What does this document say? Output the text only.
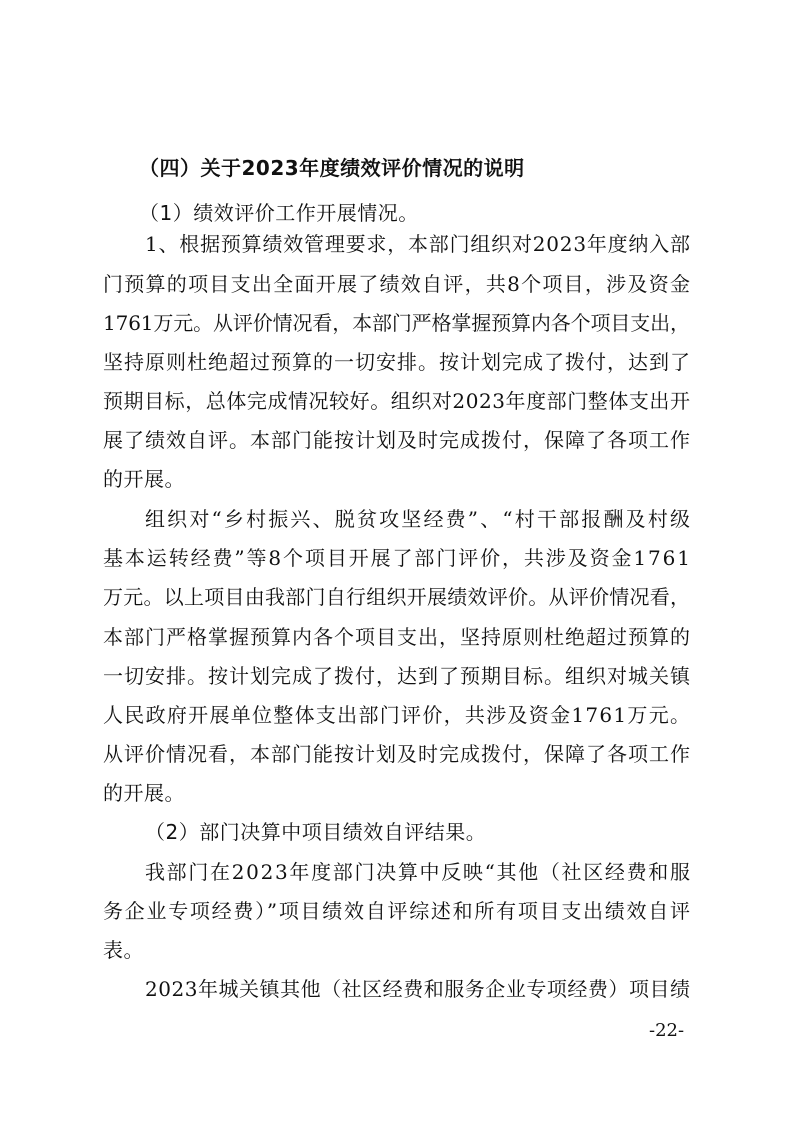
（四）关于2023年度绩效评价情况的说明
（1）绩效评价工作开展情况。
1、根据预算绩效管理要求，本部门组织对2023年度纳入部
门预算的项目支出全面开展了绩效自评，共8个项目，涉及资金
1761万元。从评价情况看，本部门严格掌握预算内各个项目支出，
坚持原则杜绝超过预算的一切安排。按计划完成了拨付，达到了
预期目标，总体完成情况较好。组织对2023年度部门整体支出开
展了绩效自评。本部门能按计划及时完成拨付，保障了各项工作
的开展。
组织对“乡村振兴、脱贫攻坚经费”、“村干部报酬及村级
基本运转经费”等8个项目开展了部门评价，共涉及资金1761
万元。以上项目由我部门自行组织开展绩效评价。从评价情况看，
本部门严格掌握预算内各个项目支出，坚持原则杜绝超过预算的
一切安排。按计划完成了拨付，达到了预期目标。组织对城关镇
人民政府开展单位整体支出部门评价，共涉及资金1761万元。
从评价情况看，本部门能按计划及时完成拨付，保障了各项工作
的开展。
（2）部门决算中项目绩效自评结果。
我部门在2023年度部门决算中反映“其他（社区经费和服
务企业专项经费）”项目绩效自评综述和所有项目支出绩效自评
表。
2023年城关镇其他（社区经费和服务企业专项经费）项目绩
-22-
